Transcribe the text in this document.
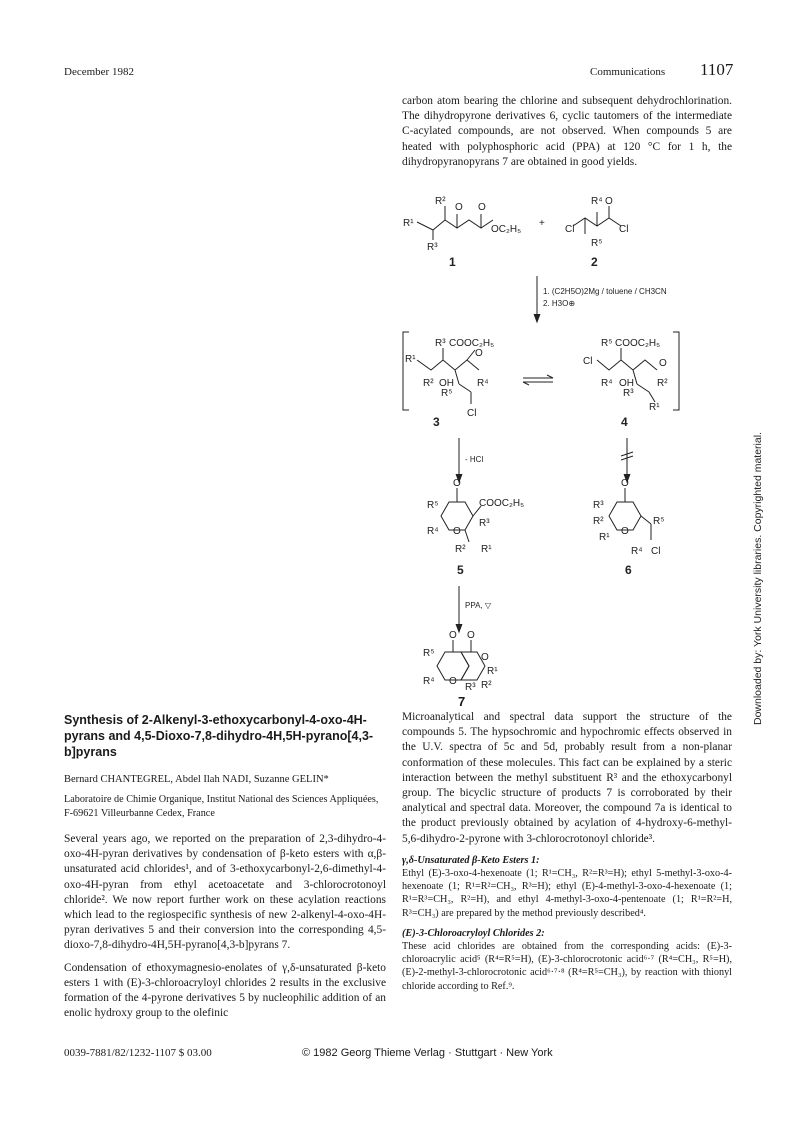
December 1982	Communications 1107

carbon atom bearing the chlorine and subsequent dehydrochlorination. The dihydropyrone derivatives 6, cyclic tautomers of the intermediate C-acylated compounds, are not observed. When compounds 5 are heated with polyphosphoric acid (PPA) at 120 °C for 1 h, the dihydropyranopyrans 7 are obtained in good yields.

R¹
R²
O O
R³
OC₂H₅
+
Cl
R⁴ O
Cl
R⁵
1	2
1. (C2H5O)2Mg / toluene / CH3CN
2. H3O⊕
R¹
R³ COOC₂H₅
O
R² OH
R⁵
R⁴
Cl
Cl
R⁵ COOC₂H₅
O
R⁴ OH
R³
R²
R¹
3	4
- HCl
O
R⁵	COOC₂H₅
R³
R⁴ O
R² R¹
O
R³
R²
R¹
O
R⁵
R⁴ Cl
5	6
PPA, ▽
O O
R⁵
R⁴ O
O
R¹
R³ R²
7
Synthesis of 2-Alkenyl-3-ethoxycarbonyl-4-oxo-4H-pyrans and 4,5-Dioxo-7,8-dihydro-4H,5H-pyrano[4,3-b]pyrans
Bernard CHANTEGREL, Abdel Ilah NADI, Suzanne GELIN*
Laboratoire de Chimie Organique, Institut National des Sciences Appliquées, F-69621 Villeurbanne Cedex, France

Several years ago, we reported on the preparation of 2,3-dihydro-4-oxo-4H-pyran derivatives by condensation of β-keto esters with α,β-unsaturated acid chlorides¹, and of 3-ethoxycarbonyl-2,6-dimethyl-4-oxo-4H-pyran from ethyl acetoacetate and 3-chlorocrotonoyl chloride². We now report further work on these acylation reactions which lead to the regiospecific synthesis of new 2-alkenyl-4-oxo-4H-pyran derivatives 5 and their conversion into the corresponding 4,5-dioxo-7,8-dihydro-4H,5H-pyrano[4,3-b]pyrans 7.

Condensation of ethoxymagnesio-enolates of γ,δ-unsaturated β-keto esters 1 with (E)-3-chloroacryloyl chlorides 2 results in the exclusive formation of the 4-pyrone derivatives 5 by nucleophilic addition of an enolic hydroxy group to the olefinic

Microanalytical and spectral data support the structure of the compounds 5. The hypsochromic and hypochromic effects observed in the U.V. spectra of 5c and 5d, probably result from a non-planar conformation of these molecules. This fact can be explained by a steric interaction between the methyl substituent R³ and the ethoxycarbonyl group. The bicyclic structure of products 7 is corroborated by their analytical and spectral data. Moreover, the compound 7a is identical to the product previously obtained by acylation of 4-hydroxy-6-methyl-5,6-dihydro-2-pyrone with 3-chlorocrotonoyl chloride³.

γ,δ-Unsaturated β-Keto Esters 1:

Ethyl (E)-3-oxo-4-hexenoate (1; R¹=CH₃, R²=R³=H); ethyl 5-methyl-3-oxo-4-hexenoate (1; R¹=R²=CH₃, R³=H); ethyl (E)-4-methyl-3-oxo-4-hexenoate (1; R¹=R³=CH₃, R²=H), and ethyl 4-methyl-3-oxo-4-pentenoate (1; R¹=R²=H, R³=CH₃) are prepared by the method previously described⁴.

(E)-3-Chloroacryloyl Chlorides 2:

These acid chlorides are obtained from the corresponding acids: (E)-3-chloroacrylic acid⁵ (R⁴=R⁵=H), (E)-3-chlorocrotonic acid⁶·⁷ (R⁴=CH₃, R⁵=H), (E)-2-methyl-3-chlorocrotonic acid⁶·⁷·⁸ (R⁴=R⁵=CH₃), by reaction with thionyl chloride according to Ref.⁹.

0039-7881/82/1232-1107 $ 03.00	© 1982 Georg Thieme Verlag · Stuttgart · New York
Downloaded by: York University libraries. Copyrighted material.
